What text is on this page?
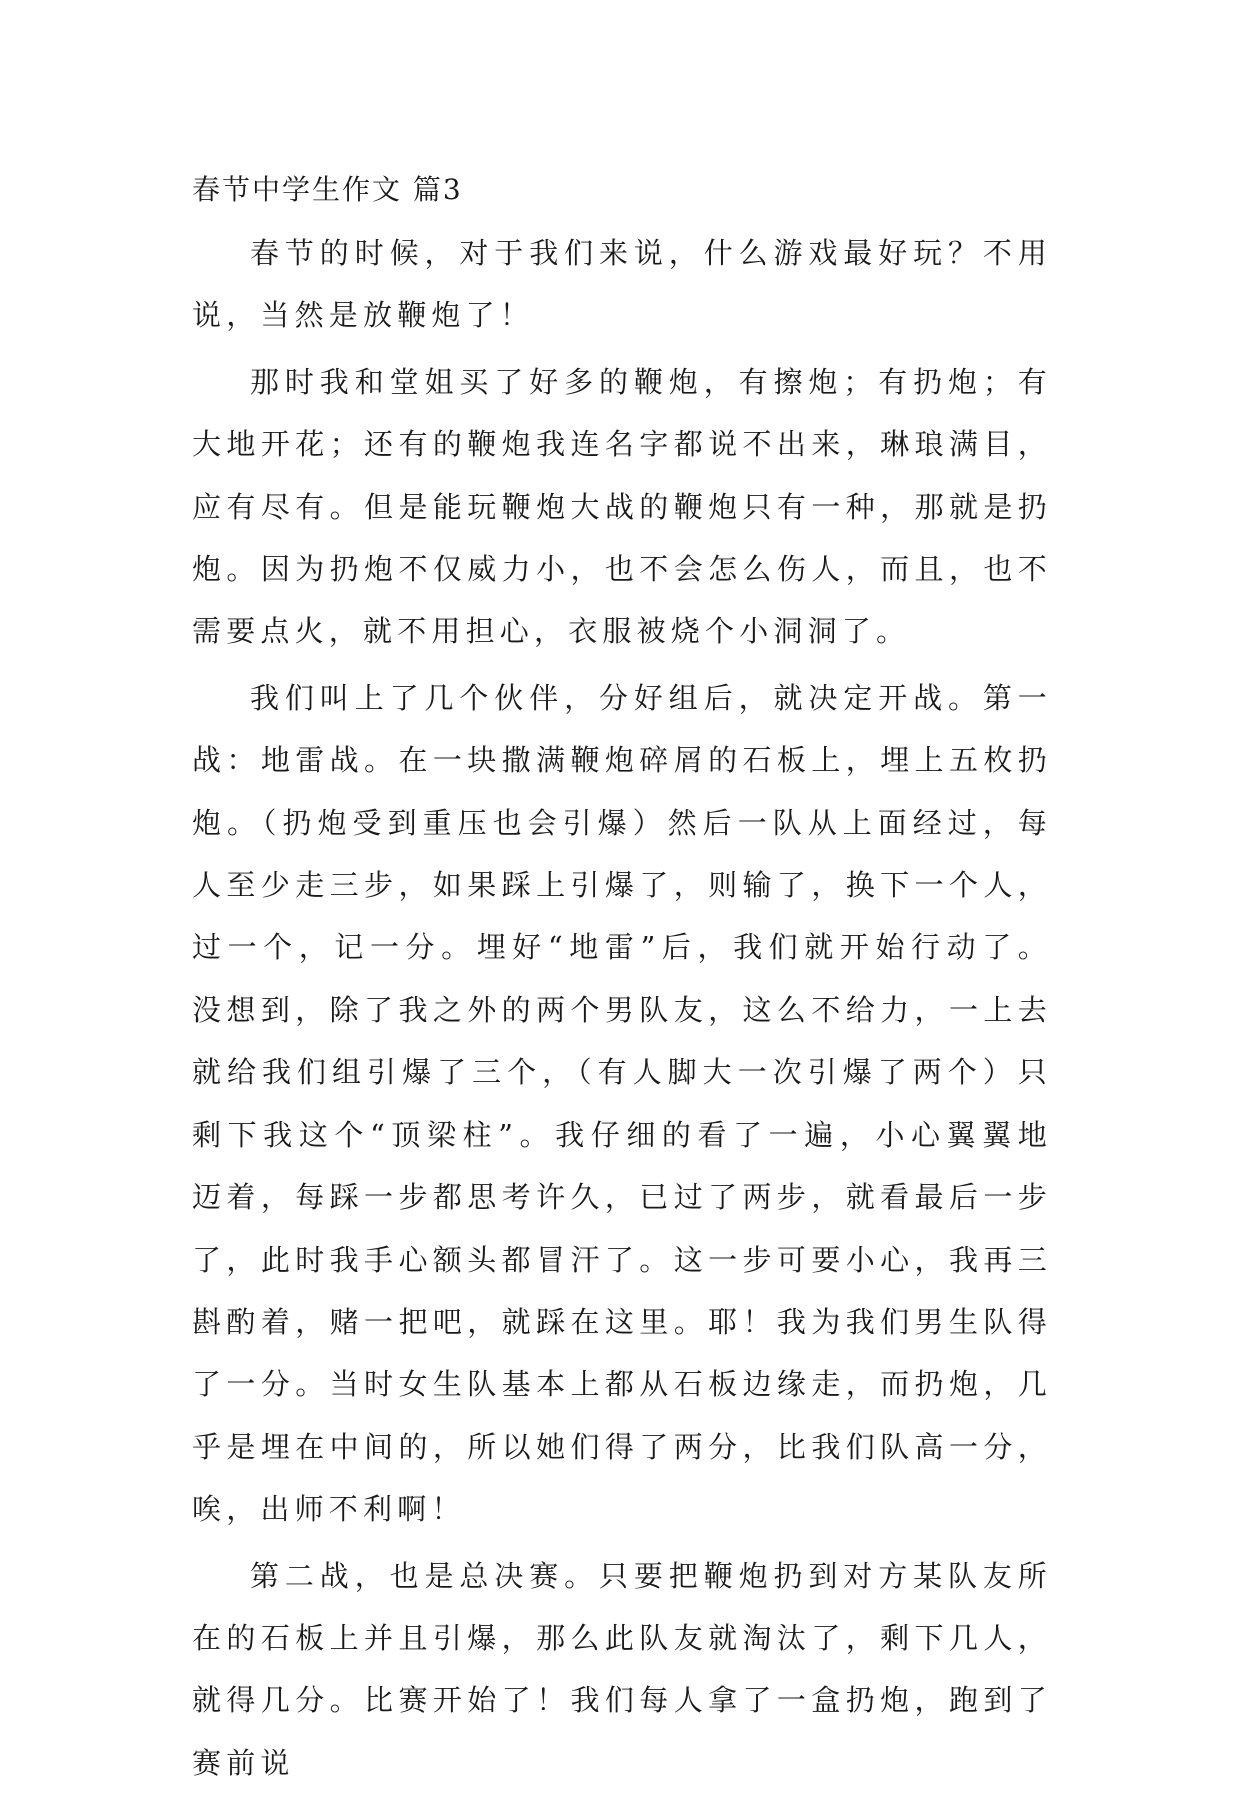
春节中学生作文 篇3

春节的时候，对于我们来说，什么游戏最好玩？不用说，当然是放鞭炮了！

那时我和堂姐买了好多的鞭炮，有擦炮；有扔炮；有大地开花；还有的鞭炮我连名字都说不出来，琳琅满目，应有尽有。但是能玩鞭炮大战的鞭炮只有一种，那就是扔炮。因为扔炮不仅威力小，也不会怎么伤人，而且，也不需要点火，就不用担心，衣服被烧个小洞洞了。

我们叫上了几个伙伴，分好组后，就决定开战。第一战：地雷战。在一块撒满鞭炮碎屑的石板上，埋上五枚扔炮。（扔炮受到重压也会引爆）然后一队从上面经过，每人至少走三步，如果踩上引爆了，则输了，换下一个人，过一个，记一分。埋好“地雷”后，我们就开始行动了。没想到，除了我之外的两个男队友，这么不给力，一上去就给我们组引爆了三个，（有人脚大一次引爆了两个）只剩下我这个“顶梁柱”。我仔细的看了一遍，小心翼翼地迈着，每踩一步都思考许久，已过了两步，就看最后一步了，此时我手心额头都冒汗了。这一步可要小心，我再三斟酌着，赌一把吧，就踩在这里。耶！我为我们男生队得了一分。当时女生队基本上都从石板边缘走，而扔炮，几乎是埋在中间的，所以她们得了两分，比我们队高一分，唉，出师不利啊！

第二战，也是总决赛。只要把鞭炮扔到对方某队友所在的石板上并且引爆，那么此队友就淘汰了，剩下几人，就得几分。比赛开始了！我们每人拿了一盒扔炮，跑到了赛前说
